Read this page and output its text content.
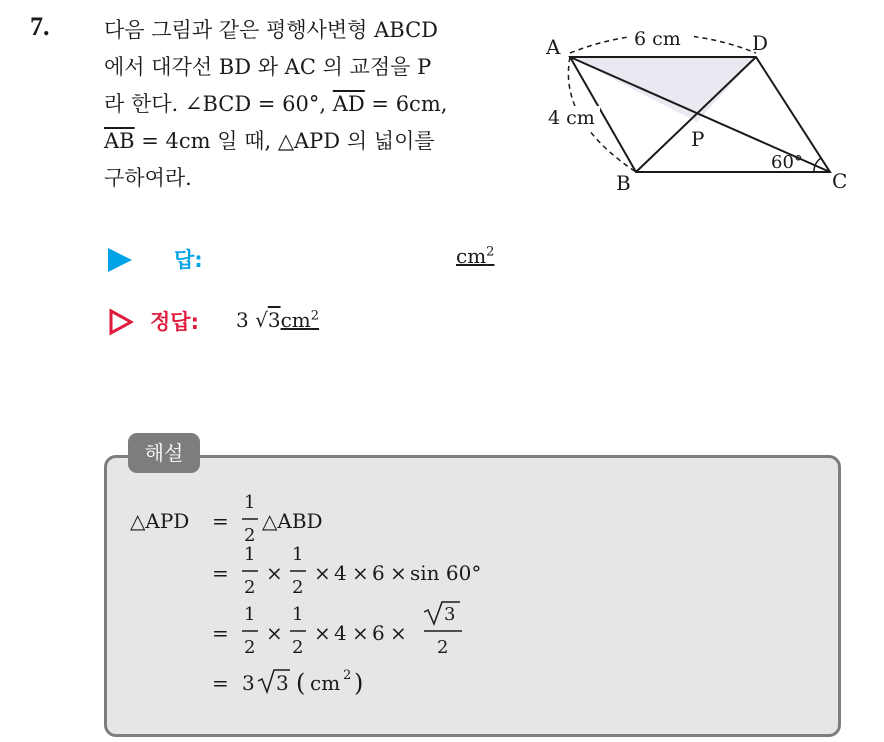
7.	다음 그림과 같은 평행사변형 ABCD
에서 대각선 BD 와 AC 의 교점을 P
라 한다. ∠BCD = 60°, $\overline{AD} = 6cm$,
$\overline{AB} = 4cm$ 일 때, △APD 의 넓이를
구하여라.
A	D
B	C
P
6 cm
4 cm
60°
답:	$cm^2$
정답: 3 $√3cm^2$
해설
△APD =
1
2
△ABD
=
1
2
×
1
2
× 4 × 6 × sin 60°
=
1
2
×
1
2
× 4 × 6 ×
3
2
= 3 3 ( cm 2 )
